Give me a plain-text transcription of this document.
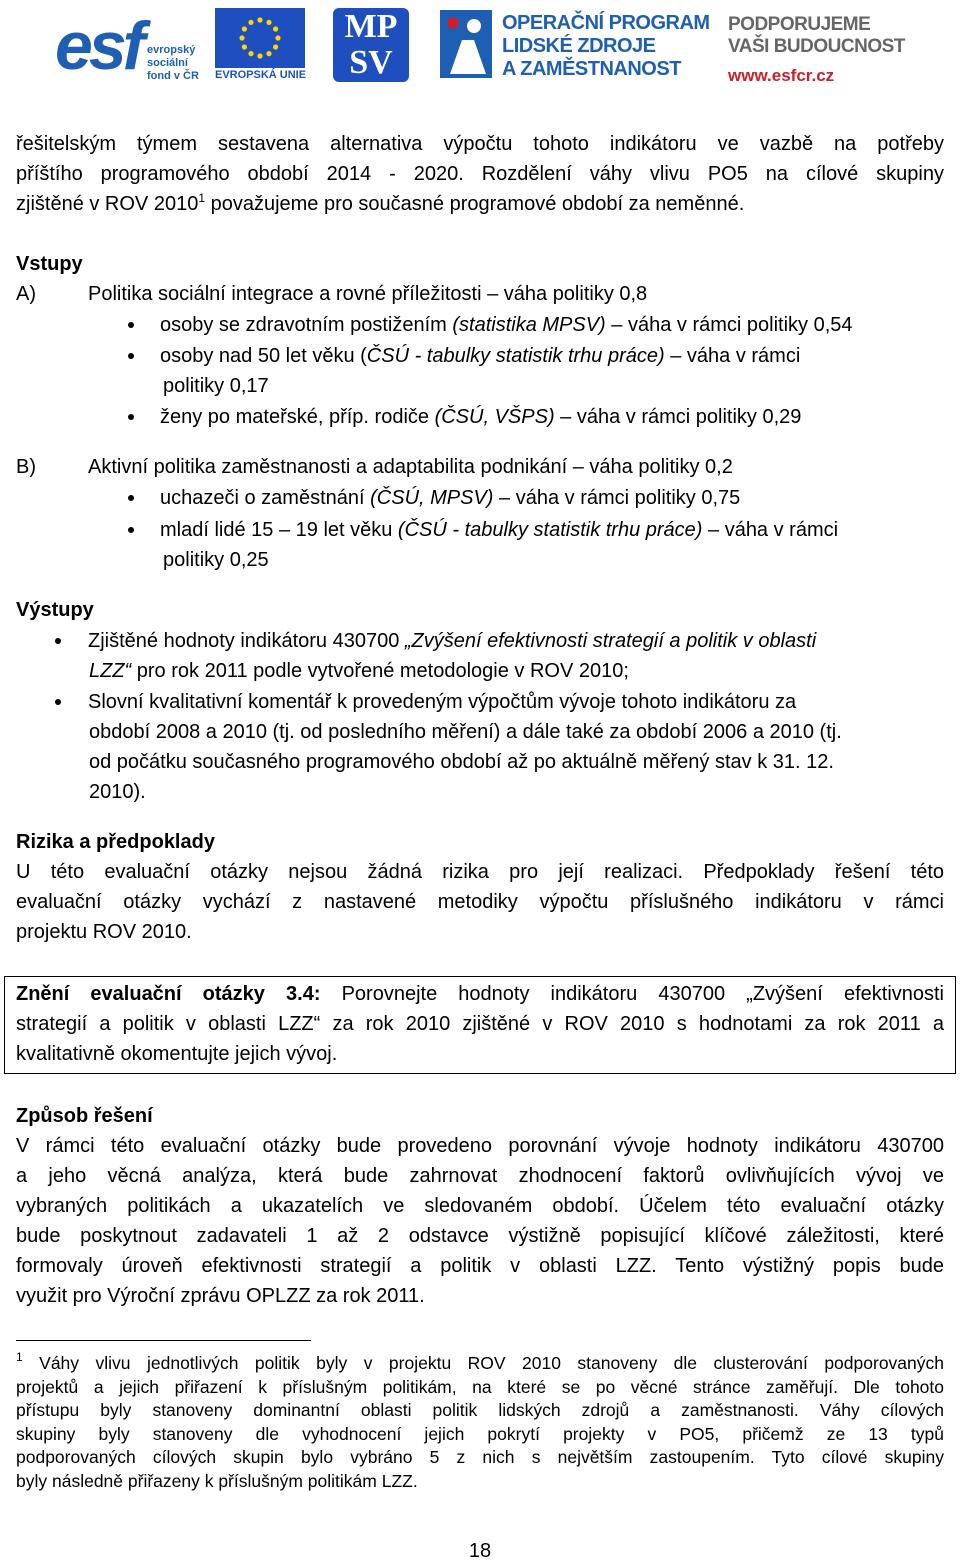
esf evropský
sociální
fond v ČR EVROPSKÁ UNIE
MP
SV
OPERAČNÍ PROGRAM
LIDSKÉ ZDROJE
A ZAMĚSTNANOST
PODPORUJEME
VAŠI BUDOUCNOST
www.esfcr.cz

řešitelským týmem sestavena alternativa výpočtu tohoto indikátoru ve vazbě na potřeby

příštího programového období 2014 - 2020. Rozdělení váhy vlivu PO5 na cílové skupiny

zjištěné v ROV 2010$^1$ považujeme pro současné programové období za neměnné.

Vstupy

A)	Politika sociální integrace a rovné příležitosti – váha politiky 0,8

osoby se zdravotním postižením (statistika MPSV) – váha v rámci politiky 0,54

osoby nad 50 let věku (ČSÚ - tabulky statistik trhu práce) – váha v rámci

politiky 0,17

ženy po mateřské, příp. rodiče (ČSÚ, VŠPS) – váha v rámci politiky 0,29

B)	Aktivní politika zaměstnanosti a adaptabilita podnikání – váha politiky 0,2

uchazeči o zaměstnání (ČSÚ, MPSV) – váha v rámci politiky 0,75

mladí lidé 15 – 19 let věku (ČSÚ - tabulky statistik trhu práce) – váha v rámci

politiky 0,25

Výstupy

Zjištěné hodnoty indikátoru 430700 „Zvýšení efektivnosti strategií a politik v oblasti

LZZ“ pro rok 2011 podle vytvořené metodologie v ROV 2010;

Slovní kvalitativní komentář k provedeným výpočtům vývoje tohoto indikátoru za

období 2008 a 2010 (tj. od posledního měření) a dále také za období 2006 a 2010 (tj.

od počátku současného programového období až po aktuálně měřený stav k 31. 12.

2010).

Rizika a předpoklady

U této evaluační otázky nejsou žádná rizika pro její realizaci. Předpoklady řešení této

evaluační otázky vychází z nastavené metodiky výpočtu příslušného indikátoru v rámci

projektu ROV 2010.

Znění evaluační otázky 3.4: Porovnejte hodnoty indikátoru 430700 „Zvýšení efektivnosti

strategií a politik v oblasti LZZ“ za rok 2010 zjištěné v ROV 2010 s hodnotami za rok 2011 a

kvalitativně okomentujte jejich vývoj.

Způsob řešení

V rámci této evaluační otázky bude provedeno porovnání vývoje hodnoty indikátoru 430700

a jeho věcná analýza, která bude zahrnovat zhodnocení faktorů ovlivňujících vývoj ve

vybraných politikách a ukazatelích ve sledovaném období. Účelem této evaluační otázky

bude poskytnout zadavateli 1 až 2 odstavce výstižně popisující klíčové záležitosti, které

formovaly úroveň efektivnosti strategií a politik v oblasti LZZ. Tento výstižný popis bude

využit pro Výroční zprávu OPLZZ za rok 2011.

$^1$ Váhy vlivu jednotlivých politik byly v projektu ROV 2010 stanoveny dle clusterování podporovaných

projektů a jejich přiřazení k příslušným politikám, na které se po věcné stránce zaměřují. Dle tohoto

přístupu byly stanoveny dominantní oblasti politik lidských zdrojů a zaměstnanosti. Váhy cílových

skupiny byly stanoveny dle vyhodnocení jejich pokrytí projekty v PO5, přičemž ze 13 typů

podporovaných cílových skupin bylo vybráno 5 z nich s největším zastoupením. Tyto cílové skupiny

byly následně přiřazeny k příslušným politikám LZZ.

18
